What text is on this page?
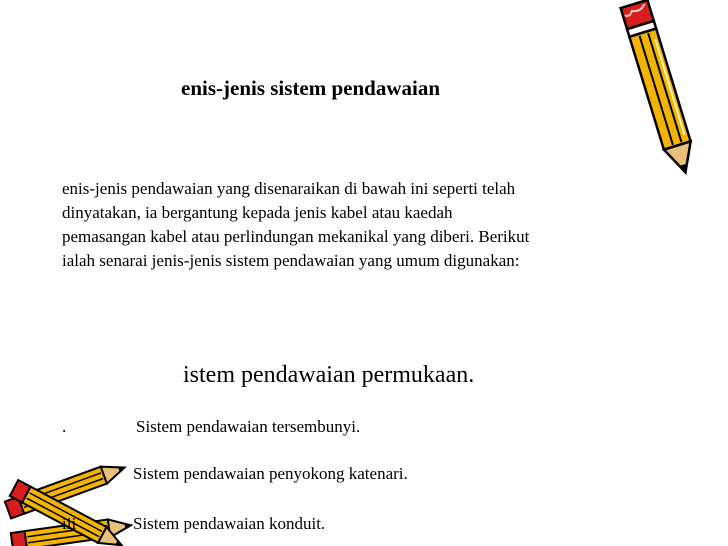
enis-jenis sistem pendawaian
enis-jenis pendawaian yang disenaraikan di bawah ini seperti telah
dinyatakan, ia bergantung kepada jenis kabel atau kaedah
pemasangan kabel atau perlindungan mekanikal yang diberi. Berikut
ialah senarai jenis-jenis sistem pendawaian yang umum digunakan:
istem pendawaian permukaan.
.	Sistem pendawaian tersembunyi.
Sistem pendawaian penyokong katenari.
iii	Sistem pendawaian konduit.
